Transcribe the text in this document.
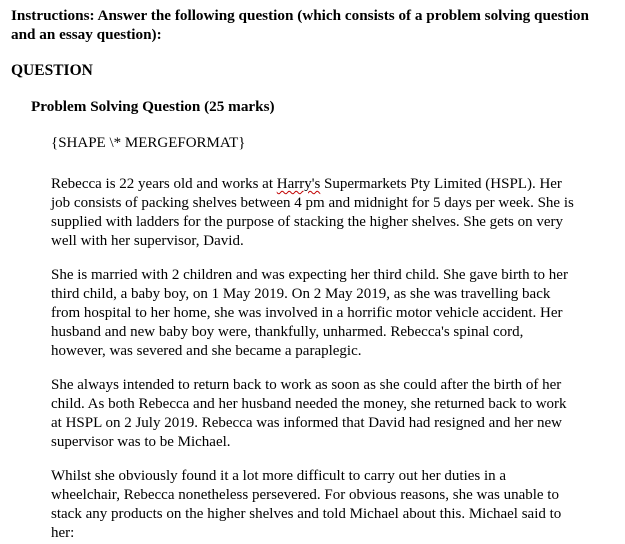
Instructions: Answer the following question (which consists of a problem solving question and an essay question):

QUESTION

Problem Solving Question (25 marks)

{SHAPE \* MERGEFORMAT}

Rebecca is 22 years old and works at Harry's Supermarkets Pty Limited (HSPL). Her
job consists of packing shelves between 4 pm and midnight for 5 days per week. She is
supplied with ladders for the purpose of stacking the higher shelves. She gets on very
well with her supervisor, David.
She is married with 2 children and was expecting her third child. She gave birth to her
third child, a baby boy, on 1 May 2019. On 2 May 2019, as she was travelling back
from hospital to her home, she was involved in a horrific motor vehicle accident. Her
husband and new baby boy were, thankfully, unharmed. Rebecca's spinal cord,
however, was severed and she became a paraplegic.
She always intended to return back to work as soon as she could after the birth of her
child. As both Rebecca and her husband needed the money, she returned back to work
at HSPL on 2 July 2019. Rebecca was informed that David had resigned and her new
supervisor was to be Michael.
Whilst she obviously found it a lot more difficult to carry out her duties in a
wheelchair, Rebecca nonetheless persevered. For obvious reasons, she was unable to
stack any products on the higher shelves and told Michael about this. Michael said to
her:
